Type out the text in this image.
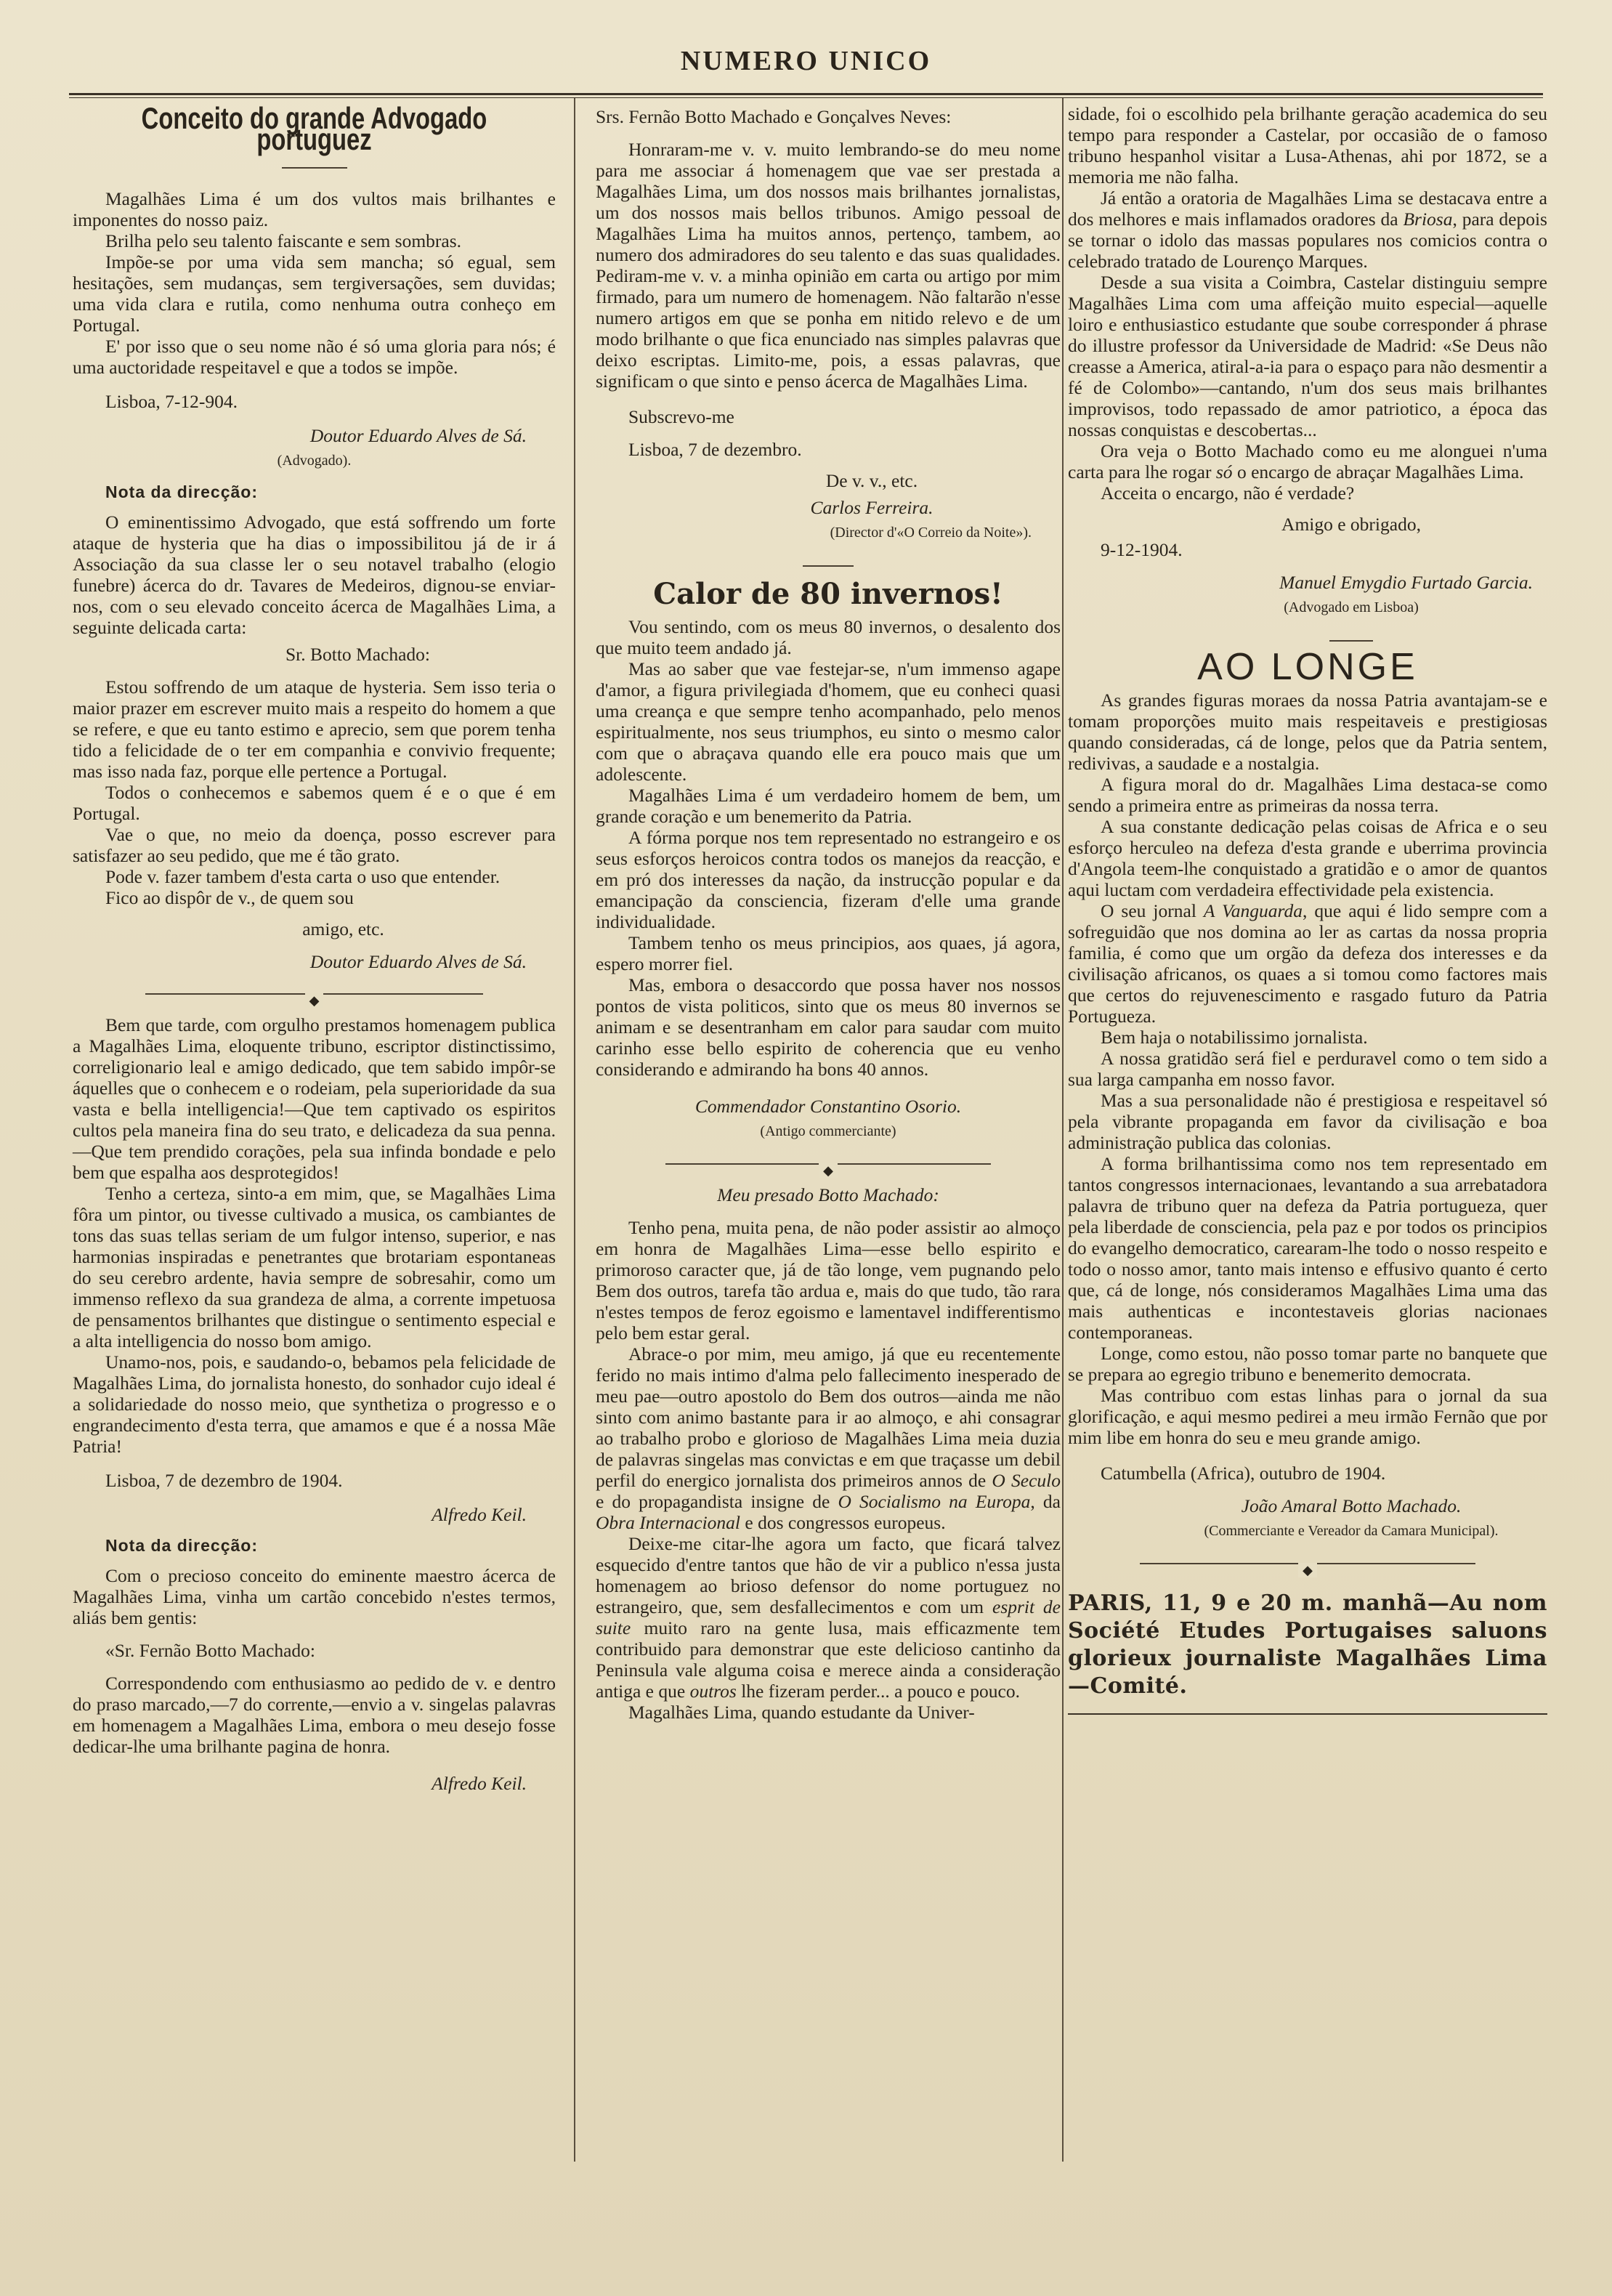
NUMERO UNICO
Conceito do grande Advogado portuguez

Magalhães Lima é um dos vultos mais brilhantes e imponentes do nosso paiz.

Brilha pelo seu talento faiscante e sem sombras.

Impõe-se por uma vida sem mancha; só egual, sem hesitações, sem mudanças, sem tergiversações, sem duvidas; uma vida clara e rutila, como nenhuma outra conheço em Portugal.

E' por isso que o seu nome não é só uma gloria para nós; é uma auctoridade respeitavel e que a todos se impõe.

Lisboa, 7-12-904.

Doutor Eduardo Alves de Sá.
(Advogado).
Nota da direcção:

O eminentissimo Advogado, que está soffrendo um forte ataque de hysteria que ha dias o impossibilitou já de ir á Associação da sua classe ler o seu notavel trabalho (elogio funebre) ácerca do dr. Tavares de Medeiros, dignou-se enviar-nos, com o seu elevado conceito ácerca de Magalhães Lima, a seguinte delicada carta:

Sr. Botto Machado:

Estou soffrendo de um ataque de hysteria. Sem isso teria o maior prazer em escrever muito mais a respeito do homem a que se refere, e que eu tanto estimo e aprecio, sem que porem tenha tido a felicidade de o ter em companhia e convivio frequente; mas isso nada faz, porque elle pertence a Portugal.

Todos o conhecemos e sabemos quem é e o que é em Portugal.

Vae o que, no meio da doença, posso escrever para satisfazer ao seu pedido, que me é tão grato.

Pode v. fazer tambem d'esta carta o uso que entender.

Fico ao dispôr de v., de quem sou

amigo, etc.
Doutor Eduardo Alves de Sá.
◆

Bem que tarde, com orgulho prestamos homenagem publica a Magalhães Lima, eloquente tribuno, escriptor distinctissimo, correligionario leal e amigo dedicado, que tem sabido impôr-se áquelles que o conhecem e o rodeiam, pela superioridade da sua vasta e bella intelligencia!—Que tem captivado os espiritos cultos pela maneira fina do seu trato, e delicadeza da sua penna.—Que tem prendido corações, pela sua infinda bondade e pelo bem que espalha aos desprotegidos!

Tenho a certeza, sinto-a em mim, que, se Magalhães Lima fôra um pintor, ou tivesse cultivado a musica, os cambiantes de tons das suas tellas seriam de um fulgor intenso, superior, e nas harmonias inspiradas e penetrantes que brotariam espontaneas do seu cerebro ardente, havia sempre de sobresahir, como um immenso reflexo da sua grandeza de alma, a corrente impetuosa de pensamentos brilhantes que distingue o sentimento especial e a alta intelligencia do nosso bom amigo.

Unamo-nos, pois, e saudando-o, bebamos pela felicidade de Magalhães Lima, do jornalista honesto, do sonhador cujo ideal é a solidariedade do nosso meio, que synthetiza o progresso e o engrandecimento d'esta terra, que amamos e que é a nossa Mãe Patria!

Lisboa, 7 de dezembro de 1904.

Alfredo Keil.
Nota da direcção:

Com o precioso conceito do eminente maestro ácerca de Magalhães Lima, vinha um cartão concebido n'estes termos, aliás bem gentis:

«Sr. Fernão Botto Machado:

Correspondendo com enthusiasmo ao pedido de v. e dentro do praso marcado,—7 do corrente,—envio a v. singelas palavras em homenagem a Magalhães Lima, embora o meu desejo fosse dedicar-lhe uma brilhante pagina de honra.

Alfredo Keil.

Srs. Fernão Botto Machado e Gonçalves Neves:

Honraram-me v. v. muito lembrando-se do meu nome para me associar á homenagem que vae ser prestada a Magalhães Lima, um dos nossos mais brilhantes jornalistas, um dos nossos mais bellos tribunos. Amigo pessoal de Magalhães Lima ha muitos annos, pertenço, tambem, ao numero dos admiradores do seu talento e das suas qualidades. Pediram-me v. v. a minha opinião em carta ou artigo por mim firmado, para um numero de homenagem. Não faltarão n'esse numero artigos em que se ponha em nitido relevo e de um modo brilhante o que fica enunciado nas simples palavras que deixo escriptas. Limito-me, pois, a essas palavras, que significam o que sinto e penso ácerca de Magalhães Lima.

Subscrevo-me

Lisboa, 7 de dezembro.

De v. v., etc.
Carlos Ferreira.
(Director d'«O Correio da Noite»).
Calor de 80 invernos!

Vou sentindo, com os meus 80 invernos, o desalento dos que muito teem andado já.

Mas ao saber que vae festejar-se, n'um immenso agape d'amor, a figura privilegiada d'homem, que eu conheci quasi uma creança e que sempre tenho acompanhado, pelo menos espiritualmente, nos seus triumphos, eu sinto o mesmo calor com que o abraçava quando elle era pouco mais que um adolescente.

Magalhães Lima é um verdadeiro homem de bem, um grande coração e um benemerito da Patria.

A fórma porque nos tem representado no estrangeiro e os seus esforços heroicos contra todos os manejos da reacção, e em pró dos interesses da nação, da instrucção popular e da emancipação da consciencia, fizeram d'elle uma grande individualidade.

Tambem tenho os meus principios, aos quaes, já agora, espero morrer fiel.

Mas, embora o desaccordo que possa haver nos nossos pontos de vista politicos, sinto que os meus 80 invernos se animam e se desentranham em calor para saudar com muito carinho esse bello espirito de coherencia que eu venho considerando e admirando ha bons 40 annos.

Commendador Constantino Osorio.
(Antigo commerciante)
◆
Meu presado Botto Machado:

Tenho pena, muita pena, de não poder assistir ao almoço em honra de Magalhães Lima—esse bello espirito e primoroso caracter que, já de tão longe, vem pugnando pelo Bem dos outros, tarefa tão ardua e, mais do que tudo, tão rara n'estes tempos de feroz egoismo e lamentavel indifferentismo pelo bem estar geral.

Abrace-o por mim, meu amigo, já que eu recentemente ferido no mais intimo d'alma pelo fallecimento inesperado de meu pae—outro apostolo do Bem dos outros—ainda me não sinto com animo bastante para ir ao almoço, e ahi consagrar ao trabalho probo e glorioso de Magalhães Lima meia duzia de palavras singelas mas convictas e em que traçasse um debil perfil do energico jornalista dos primeiros annos de O Seculo e do propagandista insigne de O Socialismo na Europa, da Obra Internacional e dos congressos europeus.

Deixe-me citar-lhe agora um facto, que ficará talvez esquecido d'entre tantos que hão de vir a publico n'essa justa homenagem ao brioso defensor do nome portuguez no estrangeiro, que, sem desfallecimentos e com um esprit de suite muito raro na gente lusa, mais efficazmente tem contribuido para demonstrar que este delicioso cantinho da Peninsula vale alguma coisa e merece ainda a consideração antiga e que outros lhe fizeram perder... a pouco e pouco.

Magalhães Lima, quando estudante da Univer-

sidade, foi o escolhido pela brilhante geração academica do seu tempo para responder a Castelar, por occasião de o famoso tribuno hespanhol visitar a Lusa-Athenas, ahi por 1872, se a memoria me não falha.

Já então a oratoria de Magalhães Lima se destacava entre a dos melhores e mais inflamados oradores da Briosa, para depois se tornar o idolo das massas populares nos comicios contra o celebrado tratado de Lourenço Marques.

Desde a sua visita a Coimbra, Castelar distinguiu sempre Magalhães Lima com uma affeição muito especial—aquelle loiro e enthusiastico estudante que soube corresponder á phrase do illustre professor da Universidade de Madrid: «Se Deus não creasse a America, atiral-a-ia para o espaço para não desmentir a fé de Colombo»—cantando, n'um dos seus mais brilhantes improvisos, todo repassado de amor patriotico, a época das nossas conquistas e descobertas...

Ora veja o Botto Machado como eu me alonguei n'uma carta para lhe rogar só o encargo de abraçar Magalhães Lima.

Acceita o encargo, não é verdade?

Amigo e obrigado,

9-12-1904.

Manuel Emygdio Furtado Garcia.
(Advogado em Lisboa)
AO LONGE

As grandes figuras moraes da nossa Patria avantajam-se e tomam proporções muito mais respeitaveis e prestigiosas quando consideradas, cá de longe, pelos que da Patria sentem, redivivas, a saudade e a nostalgia.

A figura moral do dr. Magalhães Lima destaca-se como sendo a primeira entre as primeiras da nossa terra.

A sua constante dedicação pelas coisas de Africa e o seu esforço herculeo na defeza d'esta grande e uberrima provincia d'Angola teem-lhe conquistado a gratidão e o amor de quantos aqui luctam com verdadeira effectividade pela existencia.

O seu jornal A Vanguarda, que aqui é lido sempre com a sofreguidão que nos domina ao ler as cartas da nossa propria familia, é como que um orgão da defeza dos interesses e da civilisação africanos, os quaes a si tomou como factores mais que certos do rejuvenescimento e rasgado futuro da Patria Portugueza.

Bem haja o notabilissimo jornalista.

A nossa gratidão será fiel e perduravel como o tem sido a sua larga campanha em nosso favor.

Mas a sua personalidade não é prestigiosa e respeitavel só pela vibrante propaganda em favor da civilisação e boa administração publica das colonias.

A forma brilhantissima como nos tem representado em tantos congressos internacionaes, levantando a sua arrebatadora palavra de tribuno quer na defeza da Patria portugueza, quer pela liberdade de consciencia, pela paz e por todos os principios do evangelho democratico, carearam-lhe todo o nosso respeito e todo o nosso amor, tanto mais intenso e effusivo quanto é certo que, cá de longe, nós consideramos Magalhães Lima uma das mais authenticas e incontestaveis glorias nacionaes contemporaneas.

Longe, como estou, não posso tomar parte no banquete que se prepara ao egregio tribuno e benemerito democrata.

Mas contribuo com estas linhas para o jornal da sua glorificação, e aqui mesmo pedirei a meu irmão Fernão que por mim libe em honra do seu e meu grande amigo.

Catumbella (Africa), outubro de 1904.

João Amaral Botto Machado.
(Commerciante e Vereador da Camara Municipal).
◆
PARIS, 11, 9 e 20 m. manhã—Au nom Société Etudes Portugaises saluons glorieux journaliste Magalhães Lima—Comité.
